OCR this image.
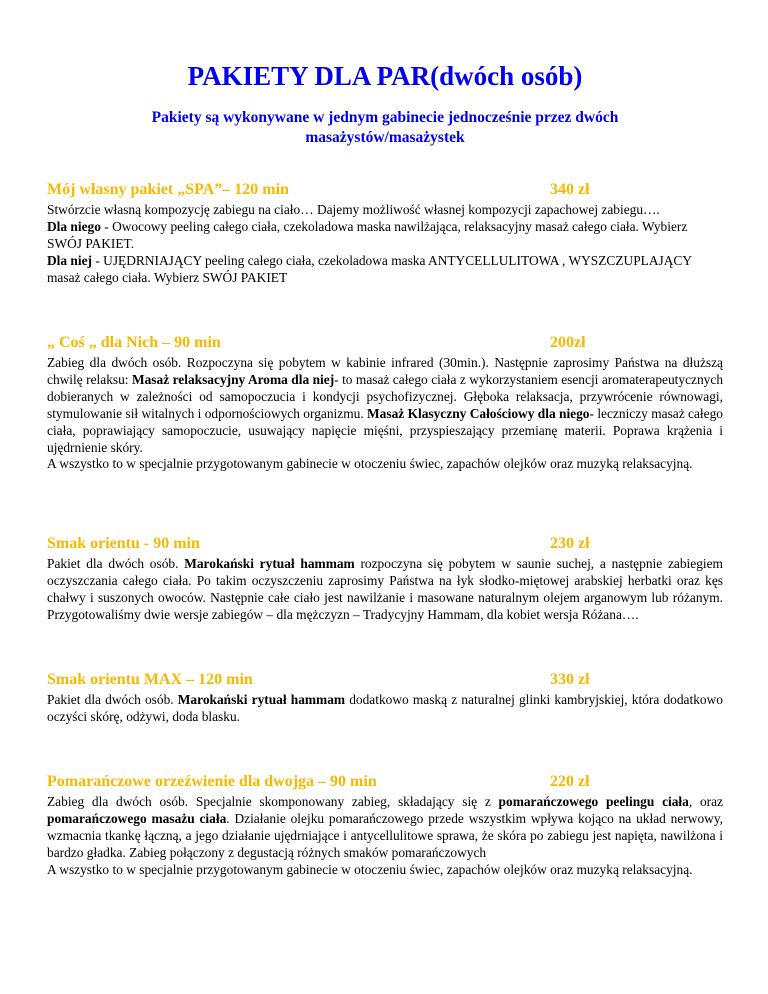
PAKIETY DLA PAR(dwóch osób)
Pakiety są wykonywane w jednym gabinecie jednocześnie przez dwóch masażystów/masażystek
Mój własny pakiet „SPA”– 120 min	340 zł

Stwórzcie własną kompozycję zabiegu na ciało… Dajemy możliwość własnej kompozycji zapachowej zabiegu….

Dla niego - Owocowy peeling całego ciała, czekoladowa maska nawilżająca, relaksacyjny masaż całego ciała. Wybierz SWÓJ PAKIET.

Dla niej - UJĘDRNIAJĄCY peeling całego ciała, czekoladowa maska ANTYCELLULITOWA , WYSZCZUPLAJĄCY masaż całego ciała. Wybierz SWÓJ PAKIET

„ Coś „ dla Nich – 90 min	200zł

Zabieg dla dwóch osób. Rozpoczyna się pobytem w kabinie infrared (30min.). Następnie zaprosimy Państwa na dłuższą chwilę relaksu: Masaż relaksacyjny Aroma dla niej- to masaż całego ciała z wykorzystaniem esencji aromaterapeutycznych dobieranych w zależności od samopoczucia i kondycji psychofizycznej. Głęboka relaksacja, przywrócenie równowagi, stymulowanie sił witalnych i odpornościowych organizmu. Masaż Klasyczny Całościowy dla niego- leczniczy masaż całego ciała, poprawiający samopoczucie, usuwający napięcie mięśni, przyspieszający przemianę materii. Poprawa krążenia i ujędrnienie skóry.

A wszystko to w specjalnie przygotowanym gabinecie w otoczeniu świec, zapachów olejków oraz muzyką relaksacyjną.

Smak orientu - 90 min	230 zł

Pakiet dla dwóch osób. Marokański rytuał hammam rozpoczyna się pobytem w saunie suchej, a następnie zabiegiem oczyszczania całego ciała. Po takim oczyszczeniu zaprosimy Państwa na łyk słodko-miętowej arabskiej herbatki oraz kęs chałwy i suszonych owoców. Następnie całe ciało jest nawilżanie i masowane naturalnym olejem arganowym lub różanym. Przygotowaliśmy dwie wersje zabiegów – dla mężczyzn – Tradycyjny Hammam, dla kobiet wersja Różana….

Smak orientu MAX – 120 min	330 zł

Pakiet dla dwóch osób. Marokański rytuał hammam dodatkowo maską z naturalnej glinki kambryjskiej, która dodatkowo oczyści skórę, odżywi, doda blasku.

Pomarańczowe orzeźwienie dla dwojga – 90 min	220 zł

Zabieg dla dwóch osób. Specjalnie skomponowany zabieg, składający się z pomarańczowego peelingu ciała, oraz pomarańczowego masażu ciała. Działanie olejku pomarańczowego przede wszystkim wpływa kojąco na układ nerwowy, wzmacnia tkankę łączną, a jego działanie ujędrniające i antycellulitowe sprawa, że skóra po zabiegu jest napięta, nawilżona i bardzo gładka. Zabieg połączony z degustacją różnych smaków pomarańczowych

A wszystko to w specjalnie przygotowanym gabinecie w otoczeniu świec, zapachów olejków oraz muzyką relaksacyjną.
